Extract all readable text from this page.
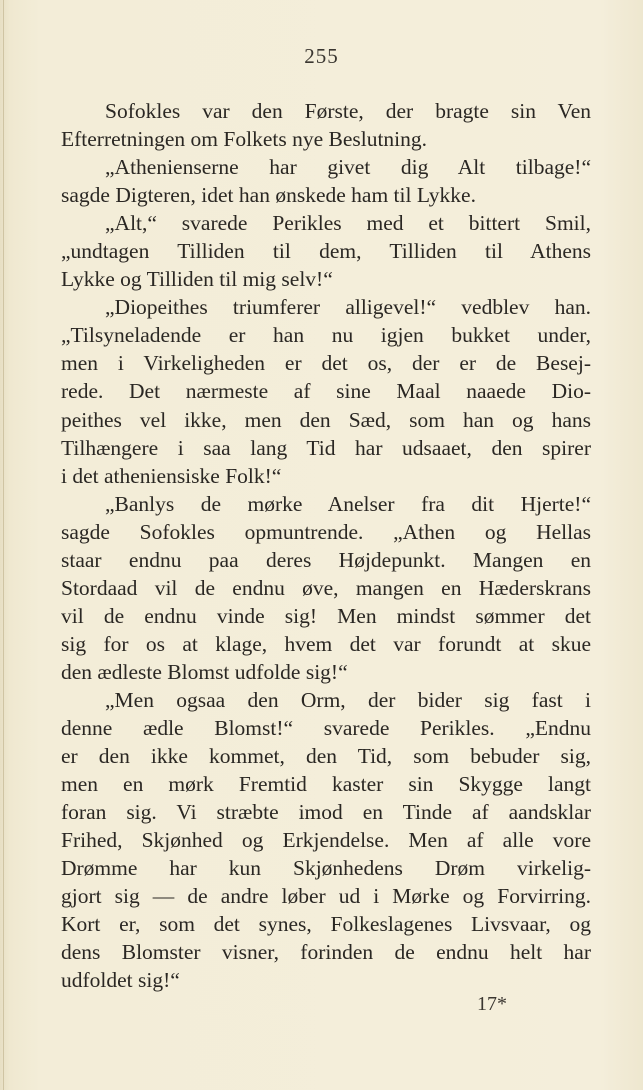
255
Sofokles var den Første, der bragte sin Ven
Efterretningen om Folkets nye Beslutning.
„Athenienserne har givet dig Alt tilbage!“
sagde Digteren, idet han ønskede ham til Lykke.
„Alt,“ svarede Perikles med et bittert Smil,
„undtagen Tilliden til dem, Tilliden til Athens
Lykke og Tilliden til mig selv!“
„Diopeithes triumferer alligevel!“ vedblev han.
„Tilsyneladende er han nu igjen bukket under,
men i Virkeligheden er det os, der er de Besej-
rede. Det nærmeste af sine Maal naaede Dio-
peithes vel ikke, men den Sæd, som han og hans
Tilhængere i saa lang Tid har udsaaet, den spirer
i det atheniensiske Folk!“
„Banlys de mørke Anelser fra dit Hjerte!“
sagde Sofokles opmuntrende. „Athen og Hellas
staar endnu paa deres Højdepunkt. Mangen en
Stordaad vil de endnu øve, mangen en Hæderskrans
vil de endnu vinde sig! Men mindst sømmer det
sig for os at klage, hvem det var forundt at skue
den ædleste Blomst udfolde sig!“
„Men ogsaa den Orm, der bider sig fast i
denne ædle Blomst!“ svarede Perikles. „Endnu
er den ikke kommet, den Tid, som bebuder sig,
men en mørk Fremtid kaster sin Skygge langt
foran sig. Vi stræbte imod en Tinde af aandsklar
Frihed, Skjønhed og Erkjendelse. Men af alle vore
Drømme har kun Skjønhedens Drøm virkelig-
gjort sig — de andre løber ud i Mørke og Forvirring.
Kort er, som det synes, Folkeslagenes Livsvaar, og
dens Blomster visner, forinden de endnu helt har
udfoldet sig!“
17*
